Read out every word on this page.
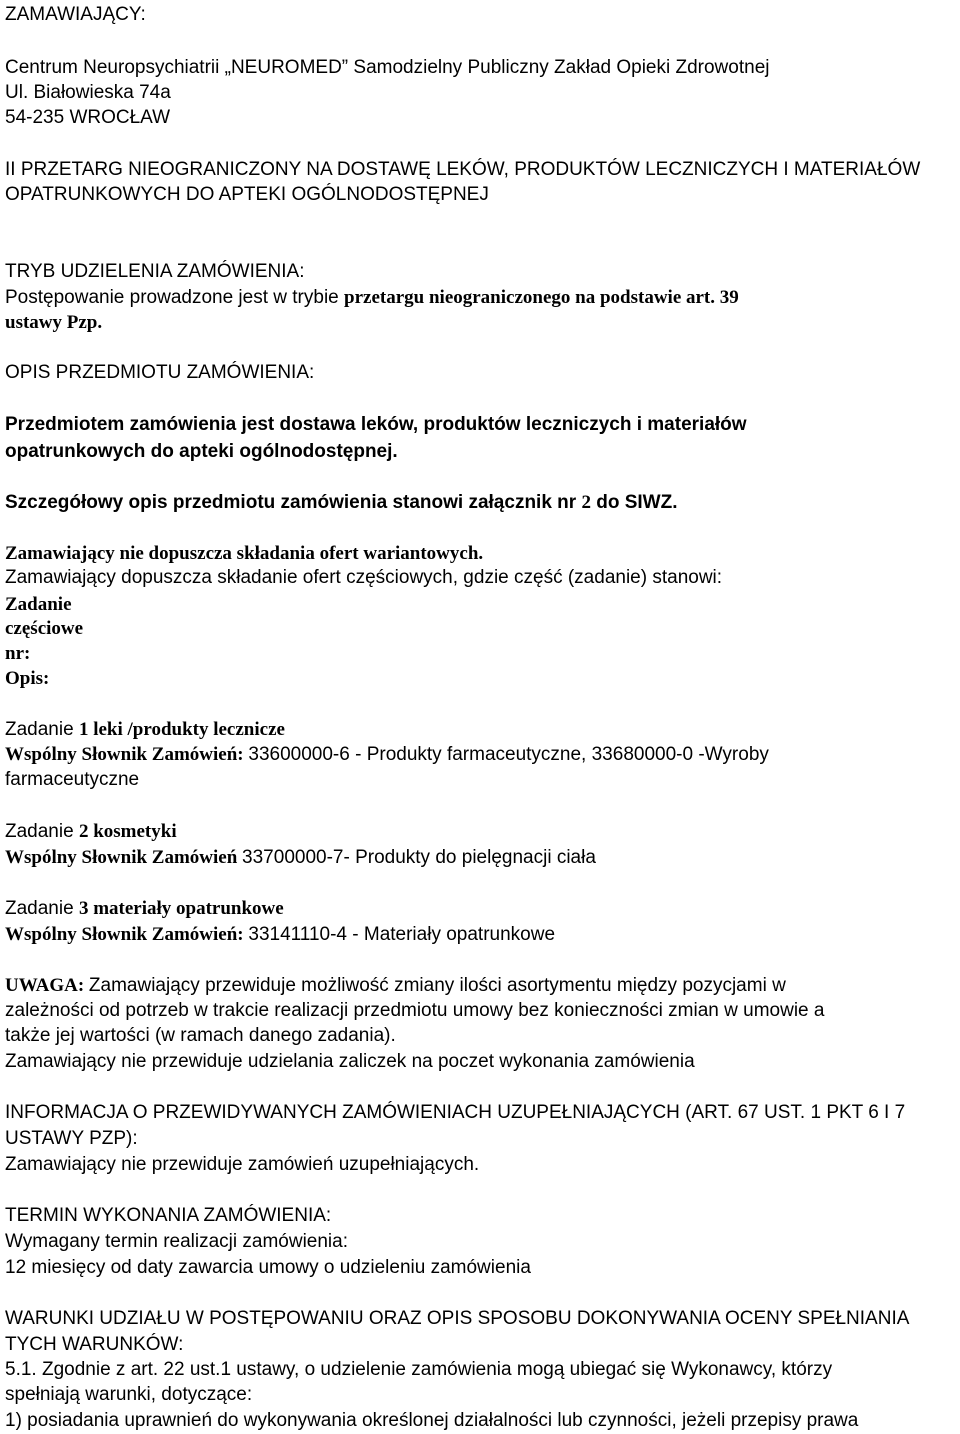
ZAMAWIAJĄCY:
Centrum Neuropsychiatrii „NEUROMED” Samodzielny Publiczny Zakład Opieki Zdrowotnej
Ul. Białowieska 74a
54-235 WROCŁAW
II PRZETARG NIEOGRANICZONY NA DOSTAWĘ LEKÓW, PRODUKTÓW LECZNICZYCH I MATERIAŁÓW
OPATRUNKOWYCH DO APTEKI OGÓLNODOSTĘPNEJ
TRYB UDZIELENIA ZAMÓWIENIA:
Postępowanie prowadzone jest w trybie przetargu nieograniczonego na podstawie art. 39
ustawy Pzp.
OPIS PRZEDMIOTU ZAMÓWIENIA:
Przedmiotem zamówienia jest dostawa leków, produktów leczniczych i materiałów
opatrunkowych do apteki ogólnodostępnej.
Szczegółowy opis przedmiotu zamówienia stanowi załącznik nr 2 do SIWZ.
Zamawiający nie dopuszcza składania ofert wariantowych.
Zamawiający dopuszcza składanie ofert częściowych, gdzie część (zadanie) stanowi:
Zadanie
częściowe
nr:
Opis:
Zadanie 1 leki /produkty lecznicze
Wspólny Słownik Zamówień: 33600000-6 - Produkty farmaceutyczne, 33680000-0 -Wyroby
farmaceutyczne
Zadanie 2 kosmetyki
Wspólny Słownik Zamówień 33700000-7- Produkty do pielęgnacji ciała
Zadanie 3 materiały opatrunkowe
Wspólny Słownik Zamówień: 33141110-4 - Materiały opatrunkowe
UWAGA: Zamawiający przewiduje możliwość zmiany ilości asortymentu między pozycjami w
zależności od potrzeb w trakcie realizacji przedmiotu umowy bez konieczności zmian w umowie a
także jej wartości (w ramach danego zadania).
Zamawiający nie przewiduje udzielania zaliczek na poczet wykonania zamówienia
INFORMACJA O PRZEWIDYWANYCH ZAMÓWIENIACH UZUPEŁNIAJĄCYCH (ART. 67 UST. 1 PKT 6 I 7
USTAWY PZP):
Zamawiający nie przewiduje zamówień uzupełniających.
TERMIN WYKONANIA ZAMÓWIENIA:
Wymagany termin realizacji zamówienia:
12 miesięcy od daty zawarcia umowy o udzieleniu zamówienia
WARUNKI UDZIAŁU W POSTĘPOWANIU ORAZ OPIS SPOSOBU DOKONYWANIA OCENY SPEŁNIANIA
TYCH WARUNKÓW:
5.1. Zgodnie z art. 22 ust.1 ustawy, o udzielenie zamówienia mogą ubiegać się Wykonawcy, którzy
spełniają warunki, dotyczące:
1) posiadania uprawnień do wykonywania określonej działalności lub czynności, jeżeli przepisy prawa
